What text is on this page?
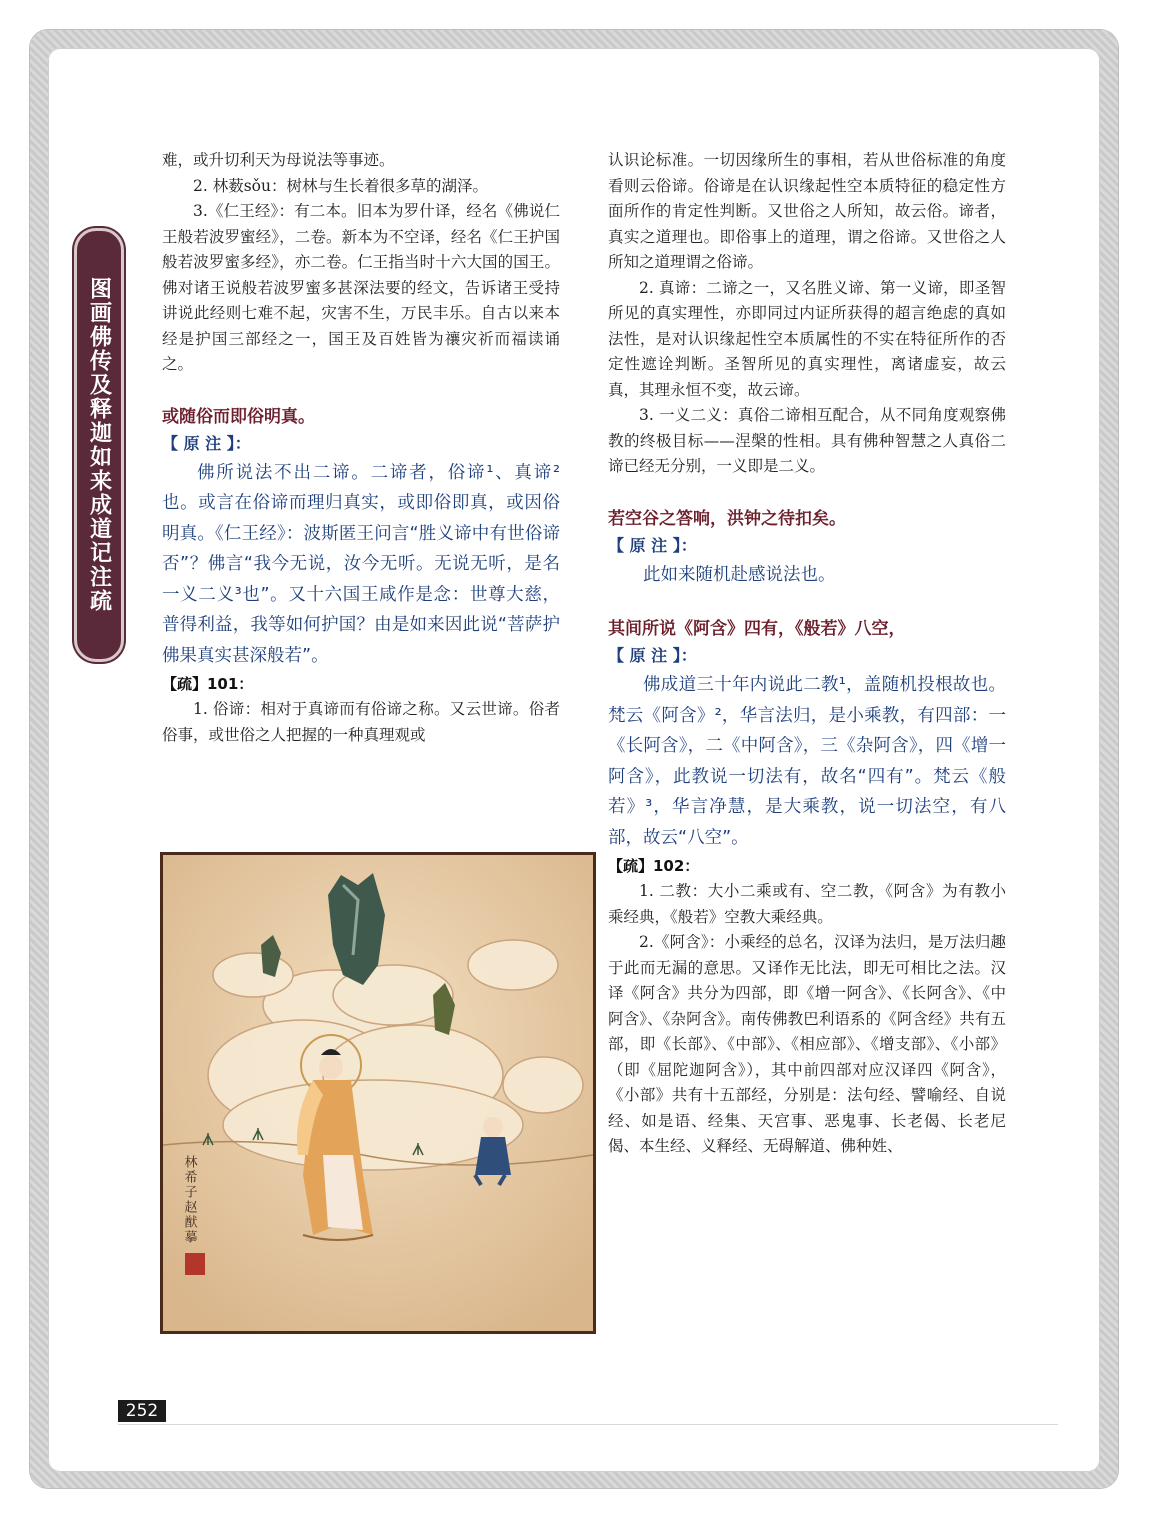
图画佛传及释迦如来成道记注疏

难，或升切利天为母说法等事迹。

2. 林薮sǒu：树林与生长着很多草的湖泽。

3.《仁王经》：有二本。旧本为罗什译，经名《佛说仁王般若波罗蜜经》，二卷。新本为不空译，经名《仁王护国般若波罗蜜多经》，亦二卷。仁王指当时十六大国的国王。佛对诸王说般若波罗蜜多甚深法要的经文，告诉诸王受持讲说此经则七难不起，灾害不生，万民丰乐。自古以来本经是护国三部经之一，国王及百姓皆为禳灾祈而福读诵之。

或随俗而即俗明真。

【 原 注 】：

佛所说法不出二谛。二谛者，俗谛¹、真谛²也。或言在俗谛而理归真实，或即俗即真，或因俗明真。《仁王经》：波斯匿王问言“胜义谛中有世俗谛否”？佛言“我今无说，汝今无听。无说无听，是名一义二义³也”。又十六国王咸作是念：世尊大慈，普得利益，我等如何护国？由是如来因此说“菩萨护佛果真实甚深般若”。

【疏】101：

1. 俗谛：相对于真谛而有俗谛之称。又云世谛。俗者俗事，或世俗之人把握的一种真理观或

林希子赵猷摹

认识论标准。一切因缘所生的事相，若从世俗标准的角度看则云俗谛。俗谛是在认识缘起性空本质特征的稳定性方面所作的肯定性判断。又世俗之人所知，故云俗。谛者，真实之道理也。即俗事上的道理，谓之俗谛。又世俗之人所知之道理谓之俗谛。

2. 真谛：二谛之一，又名胜义谛、第一义谛，即圣智所见的真实理性，亦即同过内证所获得的超言绝虑的真如法性，是对认识缘起性空本质属性的不实在特征所作的否定性遮诠判断。圣智所见的真实理性，离诸虚妄，故云真，其理永恒不变，故云谛。

3. 一义二义：真俗二谛相互配合，从不同角度观察佛教的终极目标——涅槃的性相。具有佛种智慧之人真俗二谛已经无分别，一义即是二义。

若空谷之答响，洪钟之待扣矣。

【 原 注 】：

此如来随机赴感说法也。

其间所说《阿含》四有，《般若》八空，

【 原 注 】：

佛成道三十年内说此二教¹，盖随机投根故也。梵云《阿含》²，华言法归，是小乘教，有四部：一《长阿含》，二《中阿含》，三《杂阿含》，四《增一阿含》，此教说一切法有，故名“四有”。梵云《般若》³，华言净慧，是大乘教，说一切法空，有八部，故云“八空”。

【疏】102：

1. 二教：大小二乘或有、空二教，《阿含》为有教小乘经典，《般若》空教大乘经典。

2.《阿含》：小乘经的总名，汉译为法归，是万法归趣于此而无漏的意思。又译作无比法，即无可相比之法。汉译《阿含》共分为四部，即《增一阿含》、《长阿含》、《中阿含》、《杂阿含》。南传佛教巴利语系的《阿含经》共有五部，即《长部》、《中部》、《相应部》、《增支部》、《小部》（即《屈陀迦阿含》），其中前四部对应汉译四《阿含》，《小部》共有十五部经，分别是：法句经、譬喻经、自说经、如是语、经集、天宫事、恶鬼事、长老偈、长老尼偈、本生经、义释经、无碍解道、佛种姓、

252
